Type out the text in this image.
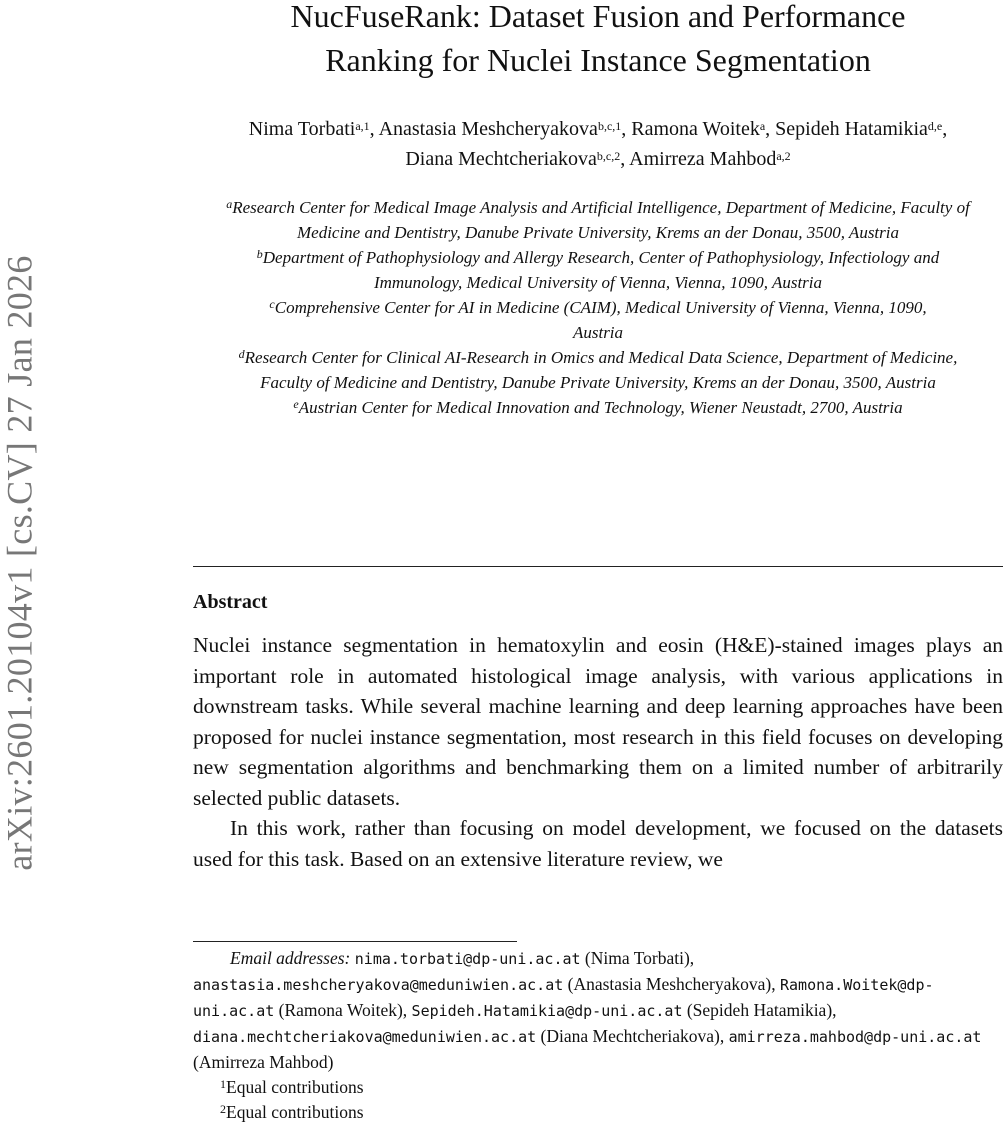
arXiv:2601.20104v1 [cs.CV] 27 Jan 2026
NucFuseRank: Dataset Fusion and Performance
Ranking for Nuclei Instance Segmentation
Nima Torbati$^{a,1}$, Anastasia Meshcheryakova$^{b,c,1}$, Ramona Woitek$^a$, Sepideh Hatamikia$^{d,e}$, Diana Mechtcheriakova$^{b,c,2}$, Amirreza Mahbod$^{a,2}$
$^a$Research Center for Medical Image Analysis and Artificial Intelligence, Department of Medicine, Faculty of Medicine and Dentistry, Danube Private University, Krems an der Donau, 3500, Austria
$^b$Department of Pathophysiology and Allergy Research, Center of Pathophysiology, Infectiology and Immunology, Medical University of Vienna, Vienna, 1090, Austria
$^c$Comprehensive Center for AI in Medicine (CAIM), Medical University of Vienna, Vienna, 1090, Austria
$^d$Research Center for Clinical AI-Research in Omics and Medical Data Science, Department of Medicine, Faculty of Medicine and Dentistry, Danube Private University, Krems an der Donau, 3500, Austria
$^e$Austrian Center for Medical Innovation and Technology, Wiener Neustadt, 2700, Austria
Abstract

Nuclei instance segmentation in hematoxylin and eosin (H&E)-stained images plays an important role in automated histological image analysis, with various applications in downstream tasks. While several machine learning and deep learning approaches have been proposed for nuclei instance segmentation, most research in this field focuses on developing new segmentation algorithms and benchmarking them on a limited number of arbitrarily selected public datasets.

In this work, rather than focusing on model development, we focused on the datasets used for this task. Based on an extensive literature review, we

Email addresses: nima.torbati@dp-uni.ac.at (Nima Torbati), anastasia.meshcheryakova@meduniwien.ac.at (Anastasia Meshcheryakova), Ramona.Woitek@dp-uni.ac.at (Ramona Woitek), Sepideh.Hatamikia@dp-uni.ac.at (Sepideh Hatamikia), diana.mechtcheriakova@meduniwien.ac.at (Diana Mechtcheriakova), amirreza.mahbod@dp-uni.ac.at (Amirreza Mahbod)

$^1$Equal contributions

$^2$Equal contributions
